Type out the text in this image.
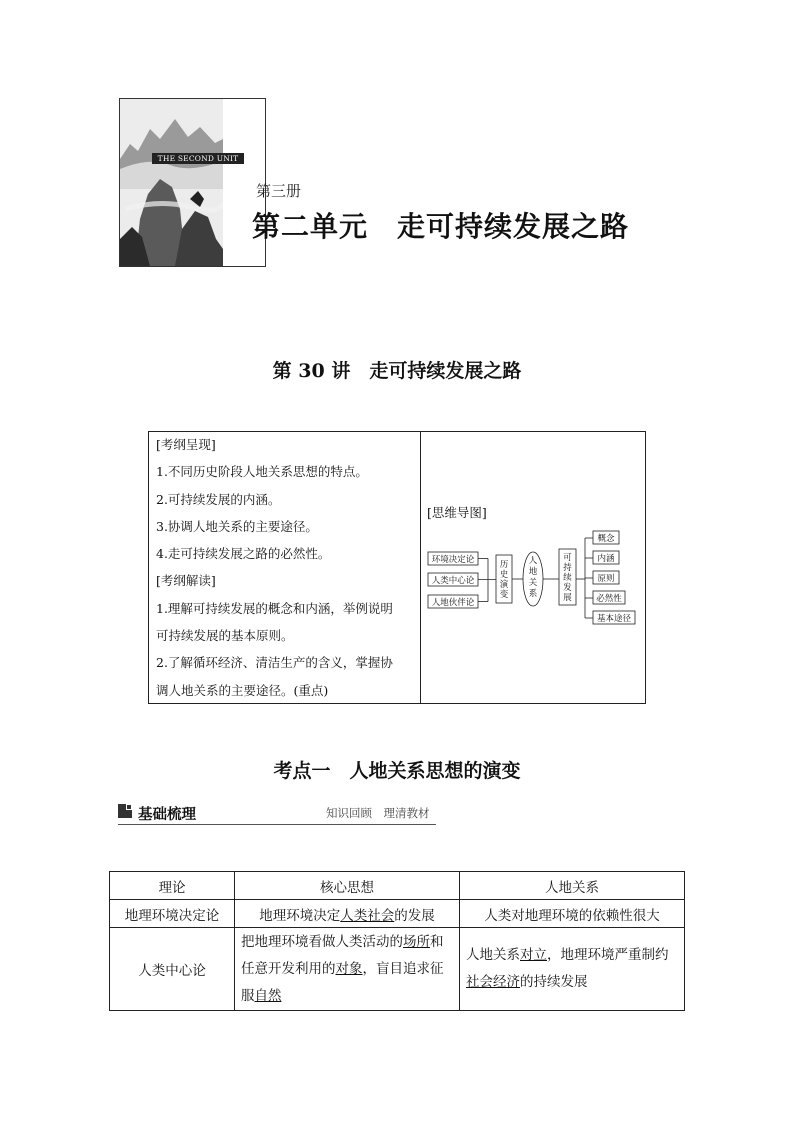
THE SECOND UNIT
第三册
第二单元　走可持续发展之路
第 30 讲　走可持续发展之路
[考纲呈现]
1.不同历史阶段人地关系思想的特点。
2.可持续发展的内涵。
3.协调人地关系的主要途径。
4.走可持续发展之路的必然性。
[考纲解读]
1.理解可持续发展的概念和内涵，举例说明
可持续发展的基本原则。
2.了解循环经济、清洁生产的含义，掌握协
调人地关系的主要途径。(重点)
[思维导图]
环境决定论
人类中心论
人地伙伴论
历
史
演
变
人
地
关
系
可
持
续
发
展
概念
内涵
原则
必然性
基本途径
考点一　人地关系思想的演变
基础梳理	知识回顾　理清教材
理论	核心思想	人地关系
地理环境决定论	地理环境决定人类社会的发展	人类对地理环境的依赖性很大
人类中心论	把地理环境看做人类活动的场所和任意开发利用的对象，盲目追求征服自然	人地关系对立，地理环境严重制约社会经济的持续发展
